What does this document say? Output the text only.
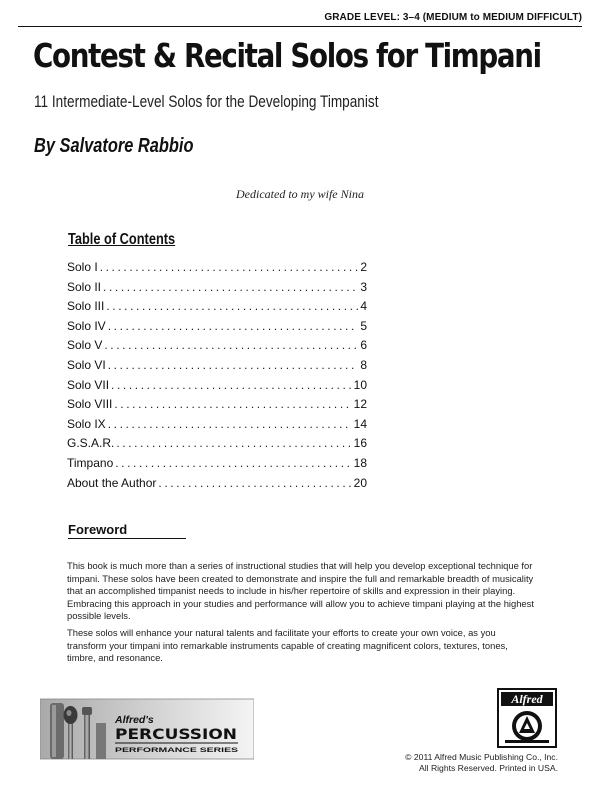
GRADE LEVEL: 3–4 (MEDIUM to MEDIUM DIFFICULT)
Contest & Recital Solos for Timpani
11 Intermediate-Level Solos for the Developing Timpanist
By Salvatore Rabbio
Dedicated to my wife Nina
Table of Contents
Solo I .....	2
Solo II .....	3
Solo III .....	4
Solo IV .....	5
Solo V .....	6
Solo VI .....	8
Solo VII .....	10
Solo VIII .....	12
Solo IX .....	14
G.S.A.R. .....	16
Timpano .....	18
About the Author .....	20
Foreword
This book is much more than a series of instructional studies that will help you develop exceptional technique for timpani. These solos have been created to demonstrate and inspire the full and remarkable breadth of musicality that an accomplished timpanist needs to include in his/her repertoire of skills and expression in their playing. Embracing this approach in your studies and performance will allow you to achieve timpani playing at the highest possible levels.
These solos will enhance your natural talents and facilitate your efforts to create your own voice, as you transform your timpani into remarkable instruments capable of creating magnificent colors, textures, tones, timbre, and resonance.
Alfred's
PERCUSSION
PERFORMANCE SERIES
Alfred
© 2011 Alfred Music Publishing Co., Inc.
All Rights Reserved. Printed in USA.
